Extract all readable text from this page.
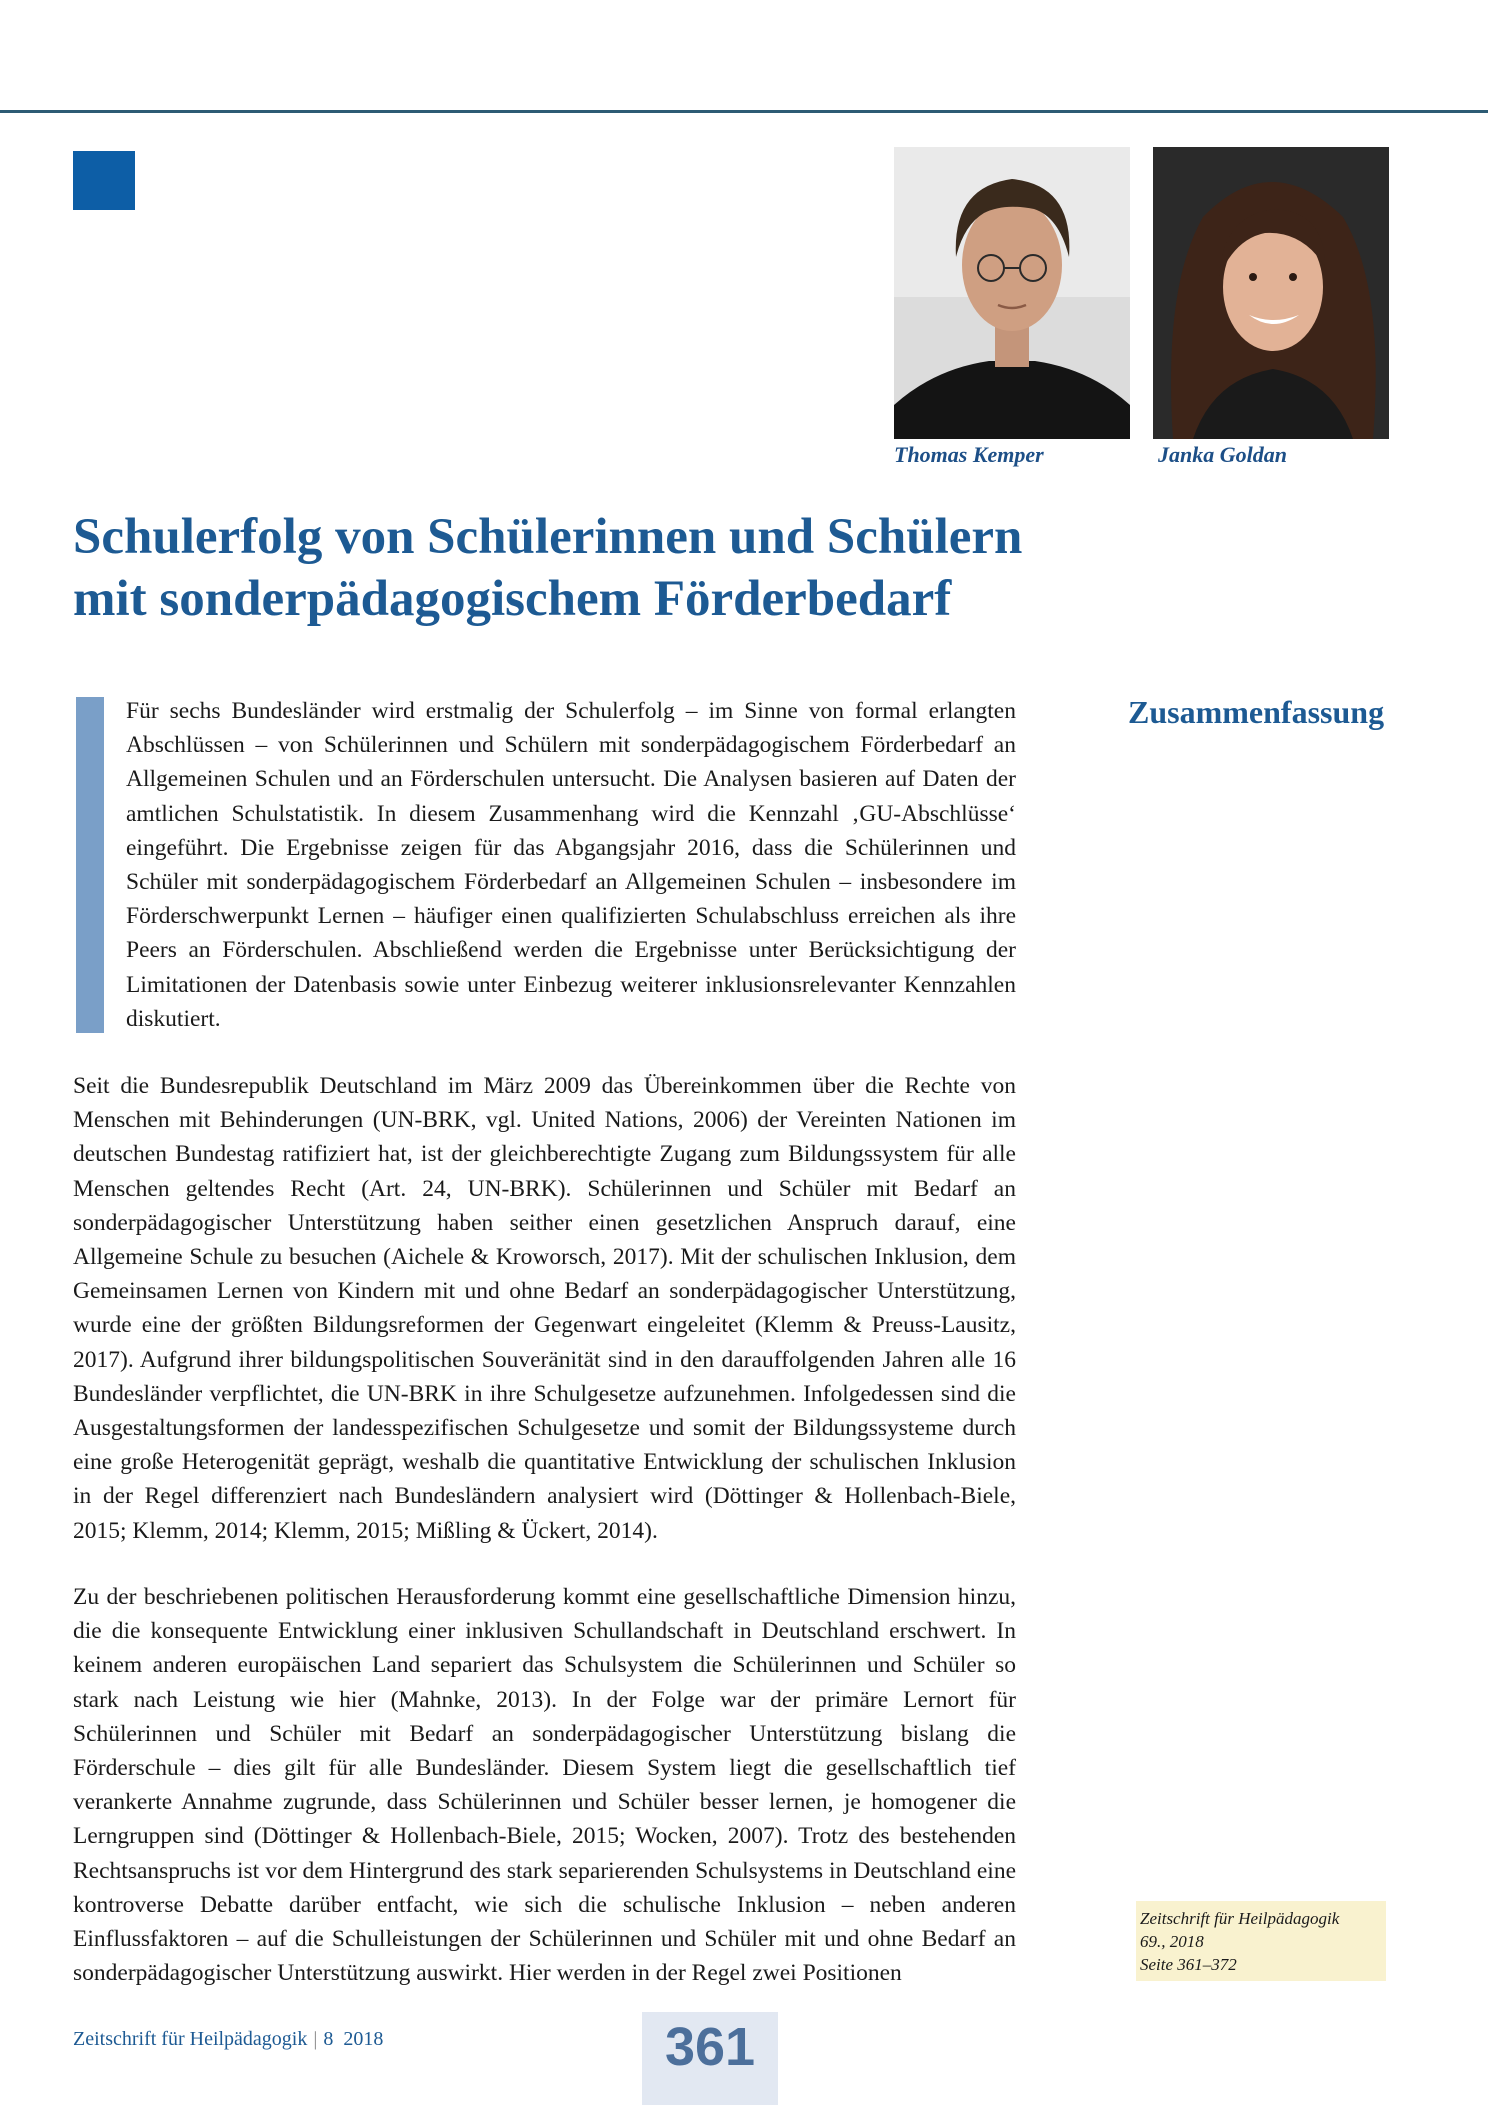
Thomas Kemper	Janka Goldan
Schulerfolg von Schülerinnen und Schülern
mit sonderpädagogischem Förderbedarf

Für sechs Bundesländer wird erstmalig der Schulerfolg – im Sinne von formal erlangten Abschlüssen – von Schülerinnen und Schülern mit sonderpädagogischem Förderbedarf an Allgemeinen Schulen und an Förderschulen untersucht. Die Analysen basieren auf Daten der amtlichen Schulstatistik. In diesem Zusammenhang wird die Kennzahl ‚GU-Abschlüsse‘ eingeführt. Die Ergebnisse zeigen für das Abgangsjahr 2016, dass die Schülerinnen und Schüler mit sonderpädagogischem Förderbedarf an Allgemeinen Schulen – insbesondere im Förderschwerpunkt Lernen – häufiger einen qualifizierten Schulabschluss erreichen als ihre Peers an Förderschulen. Abschließend werden die Ergebnisse unter Berücksichtigung der Limitationen der Datenbasis sowie unter Einbezug weiterer inklusionsrelevanter Kennzahlen diskutiert.

Zusammenfassung

Seit die Bundesrepublik Deutschland im März 2009 das Übereinkommen über die Rechte von Menschen mit Behinderungen (UN-BRK, vgl. United Nations, 2006) der Vereinten Nationen im deutschen Bundestag ratifiziert hat, ist der gleichberechtigte Zugang zum Bildungssystem für alle Menschen geltendes Recht (Art. 24, UN-BRK). Schülerinnen und Schüler mit Bedarf an sonderpädagogischer Unterstützung haben seither einen gesetzlichen Anspruch darauf, eine Allgemeine Schule zu besuchen (Aichele & Kroworsch, 2017). Mit der schulischen Inklusion, dem Gemeinsamen Lernen von Kindern mit und ohne Bedarf an sonderpädagogischer Unterstützung, wurde eine der größten Bildungsreformen der Gegenwart eingeleitet (Klemm & Preuss-Lausitz, 2017). Aufgrund ihrer bildungspolitischen Souveränität sind in den darauffolgenden Jahren alle 16 Bundesländer verpflichtet, die UN-BRK in ihre Schulgesetze aufzunehmen. Infolgedessen sind die Ausgestaltungsformen der landesspezifischen Schulgesetze und somit der Bildungssysteme durch eine große Heterogenität geprägt, weshalb die quantitative Entwicklung der schulischen Inklusion in der Regel differenziert nach Bundesländern analysiert wird (Döttinger & Hollenbach-Biele, 2015; Klemm, 2014; Klemm, 2015; Mißling & Ückert, 2014).

Zu der beschriebenen politischen Herausforderung kommt eine gesellschaftliche Dimension hinzu, die die konsequente Entwicklung einer inklusiven Schullandschaft in Deutschland erschwert. In keinem anderen europäischen Land separiert das Schulsystem die Schülerinnen und Schüler so stark nach Leistung wie hier (Mahnke, 2013). In der Folge war der primäre Lernort für Schülerinnen und Schüler mit Bedarf an sonderpädagogischer Unterstützung bislang die Förderschule – dies gilt für alle Bundesländer. Diesem System liegt die gesellschaftlich tief verankerte Annahme zugrunde, dass Schülerinnen und Schüler besser lernen, je homogener die Lerngruppen sind (Döttinger & Hollenbach-Biele, 2015; Wocken, 2007). Trotz des bestehenden Rechtsanspruchs ist vor dem Hintergrund des stark separierenden Schulsystems in Deutschland eine kontroverse Debatte darüber entfacht, wie sich die schulische Inklusion – neben anderen Einflussfaktoren – auf die Schulleistungen der Schülerinnen und Schüler mit und ohne Bedarf an sonderpädagogischer Unterstützung auswirkt. Hier werden in der Regel zwei Positionen

Zeitschrift für Heilpädagogik
69., 2018
Seite 361–372
Zeitschrift für Heilpädagogik | 8 2018	361
